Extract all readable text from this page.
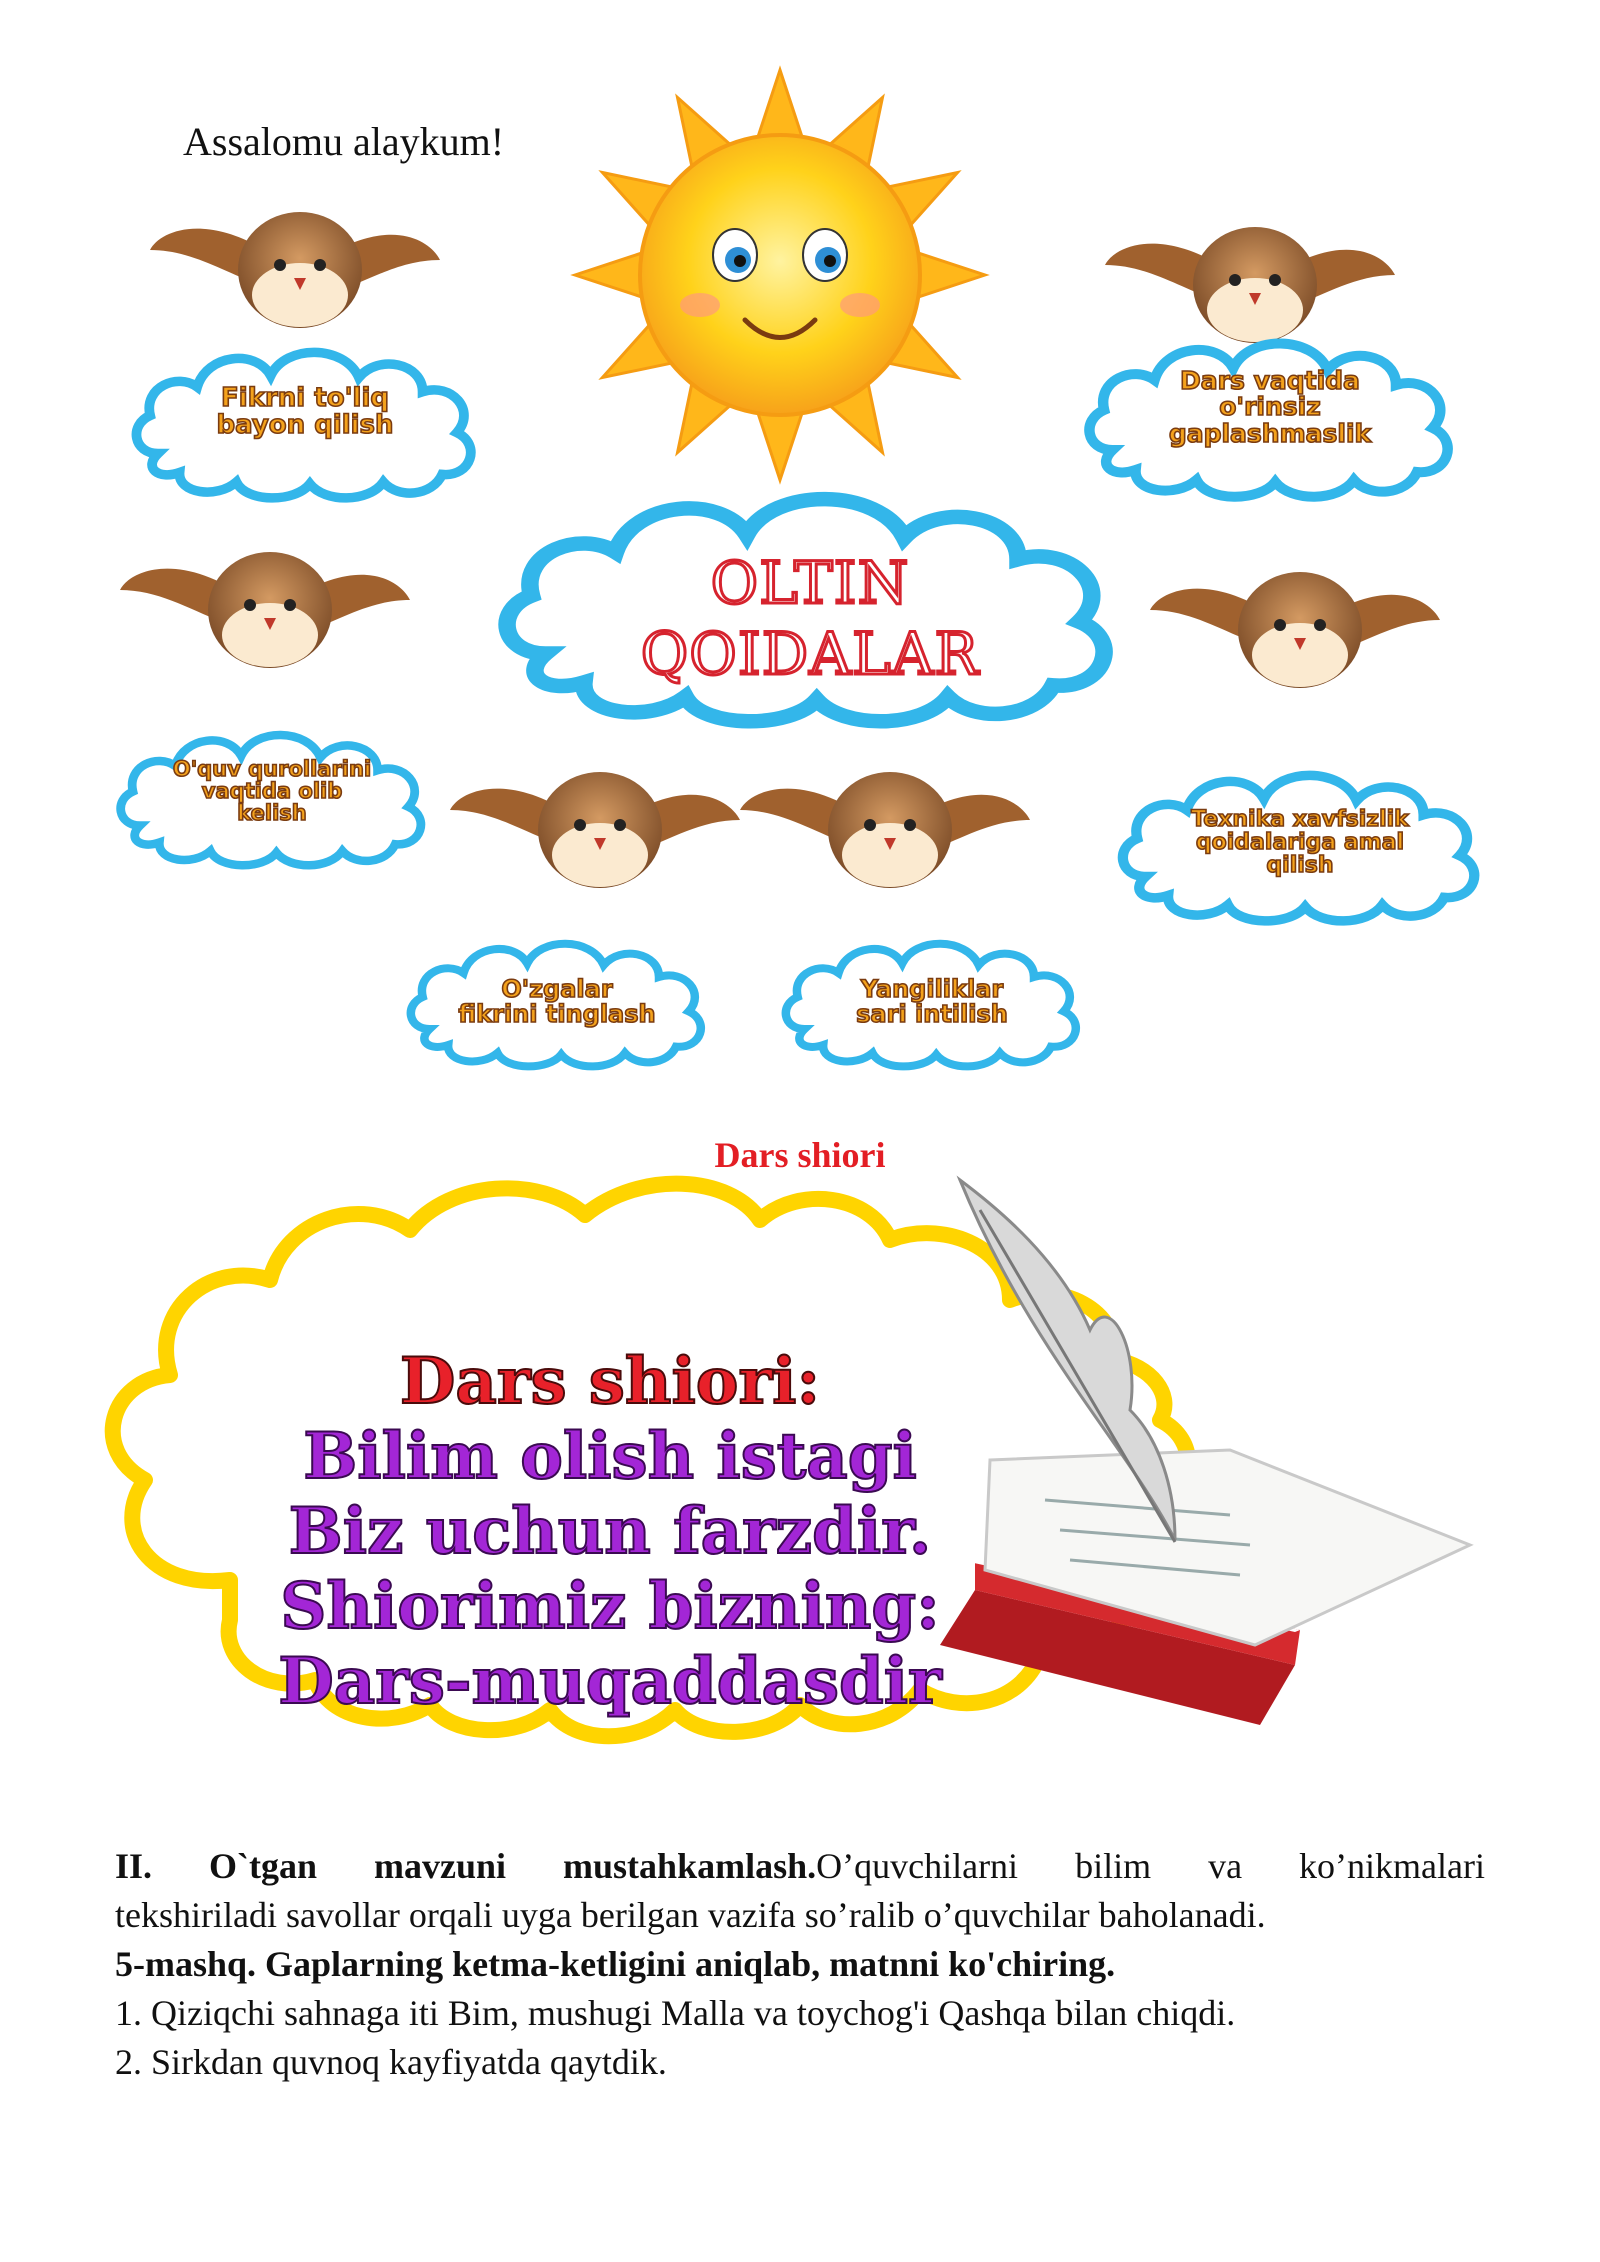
Assalomu alaykum!
OLTIN
QOIDALAR
Fikrni to'liq
bayon qilish
Dars vaqtida
o'rinsiz
gaplashmaslik
O'quv qurollarini
vaqtida olib
kelish	Texnika xavfsizlik
qoidalariga amal
qilish
O'zgalar
fikrini tinglash
Yangiliklar
sari intilish
Dars shiori
Dars shiori:
Bilim olish istagi
Biz uchun farzdir.
Shiorimiz bizning:
Dars-muqaddasdir
II. O`tgan mavzuni mustahkamlash.O’quvchilarni bilim va ko’nikmalari
tekshiriladi savollar orqali uyga berilgan vazifa so’ralib o’quvchilar baholanadi.
5-mashq. Gaplarning ketma-ketligini aniqlab, matnni ko'chiring.
1. Qiziqchi sahnaga iti Bim, mushugi Malla va toychog'i Qashqa bilan chiqdi.
2. Sirkdan quvnoq kayfiyatda qaytdik.
